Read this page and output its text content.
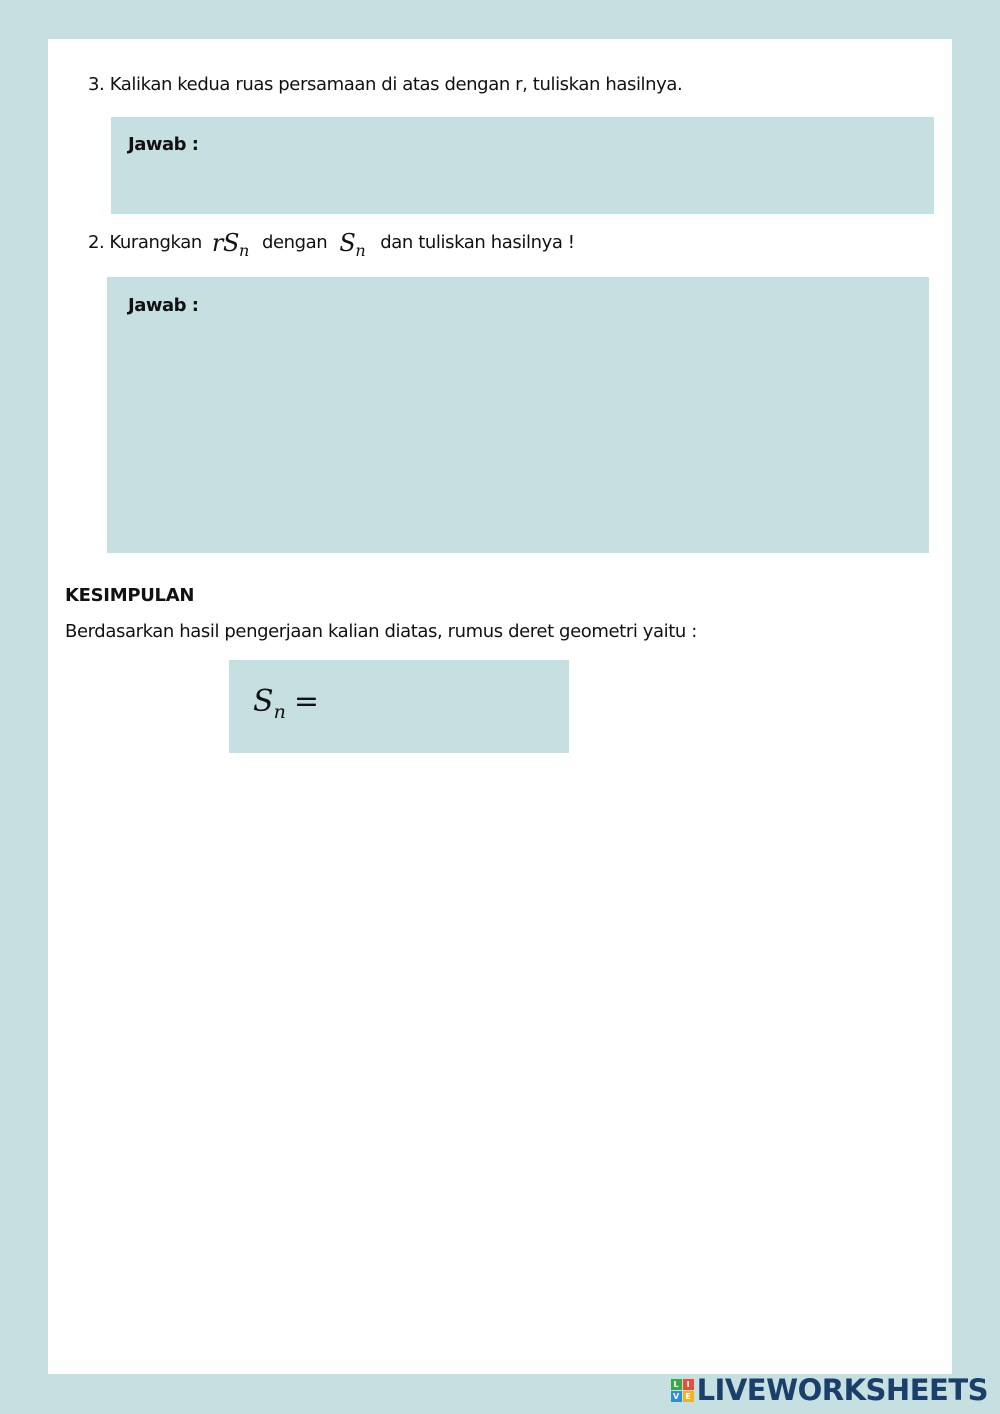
3. Kalikan kedua ruas persamaan di atas dengan r, tuliskan hasilnya.
Jawab :
2. Kurangkan $rS_n$ dengan $S_n$ dan tuliskan hasilnya !
Jawab :
KESIMPULAN
Berdasarkan hasil pengerjaan kalian diatas, rumus deret geometri yaitu :
$S_n$ =
L I
V E LIVEWORKSHEETS
